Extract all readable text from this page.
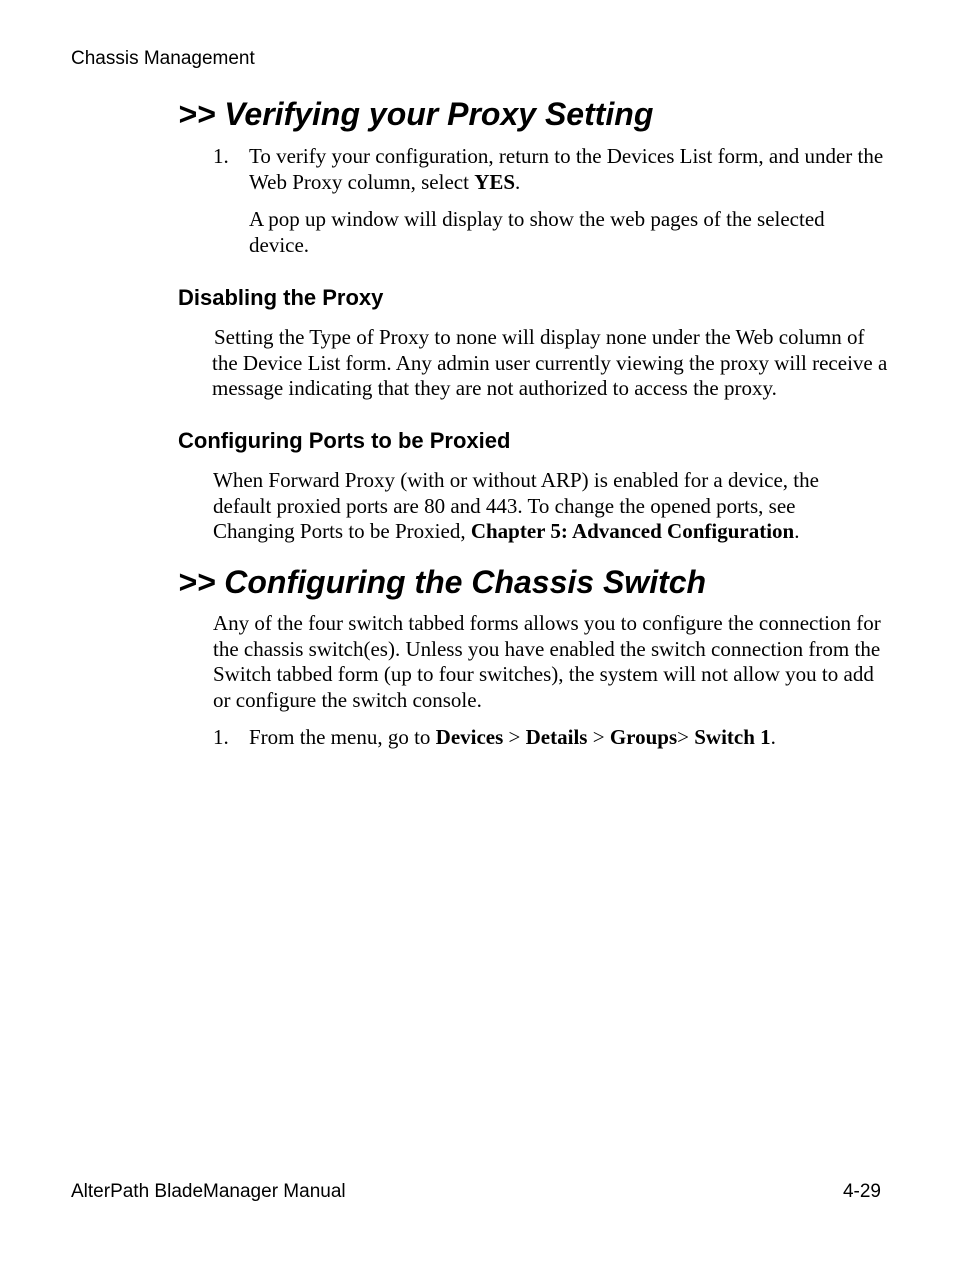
Chassis Management
>> Verifying your Proxy Setting
1. To verify your configuration, return to the Devices List form, and under the Web Proxy column, select YES.

A pop up window will display to show the web pages of the selected device.

Disabling the Proxy

Setting the Type of Proxy to none will display none under the Web column of the Device List form. Any admin user currently viewing the proxy will receive a message indicating that they are not authorized to access the proxy.

Configuring Ports to be Proxied

When Forward Proxy (with or without ARP) is enabled for a device, the default proxied ports are 80 and 443. To change the opened ports, see Changing Ports to be Proxied, Chapter 5: Advanced Configuration.

>> Configuring the Chassis Switch

Any of the four switch tabbed forms allows you to configure the connection for the chassis switch(es). Unless you have enabled the switch connection from the Switch tabbed form (up to four switches), the system will not allow you to add or configure the switch console.

1. From the menu, go to Devices > Details > Groups> Switch 1.

AlterPath BladeManager Manual	4-29
